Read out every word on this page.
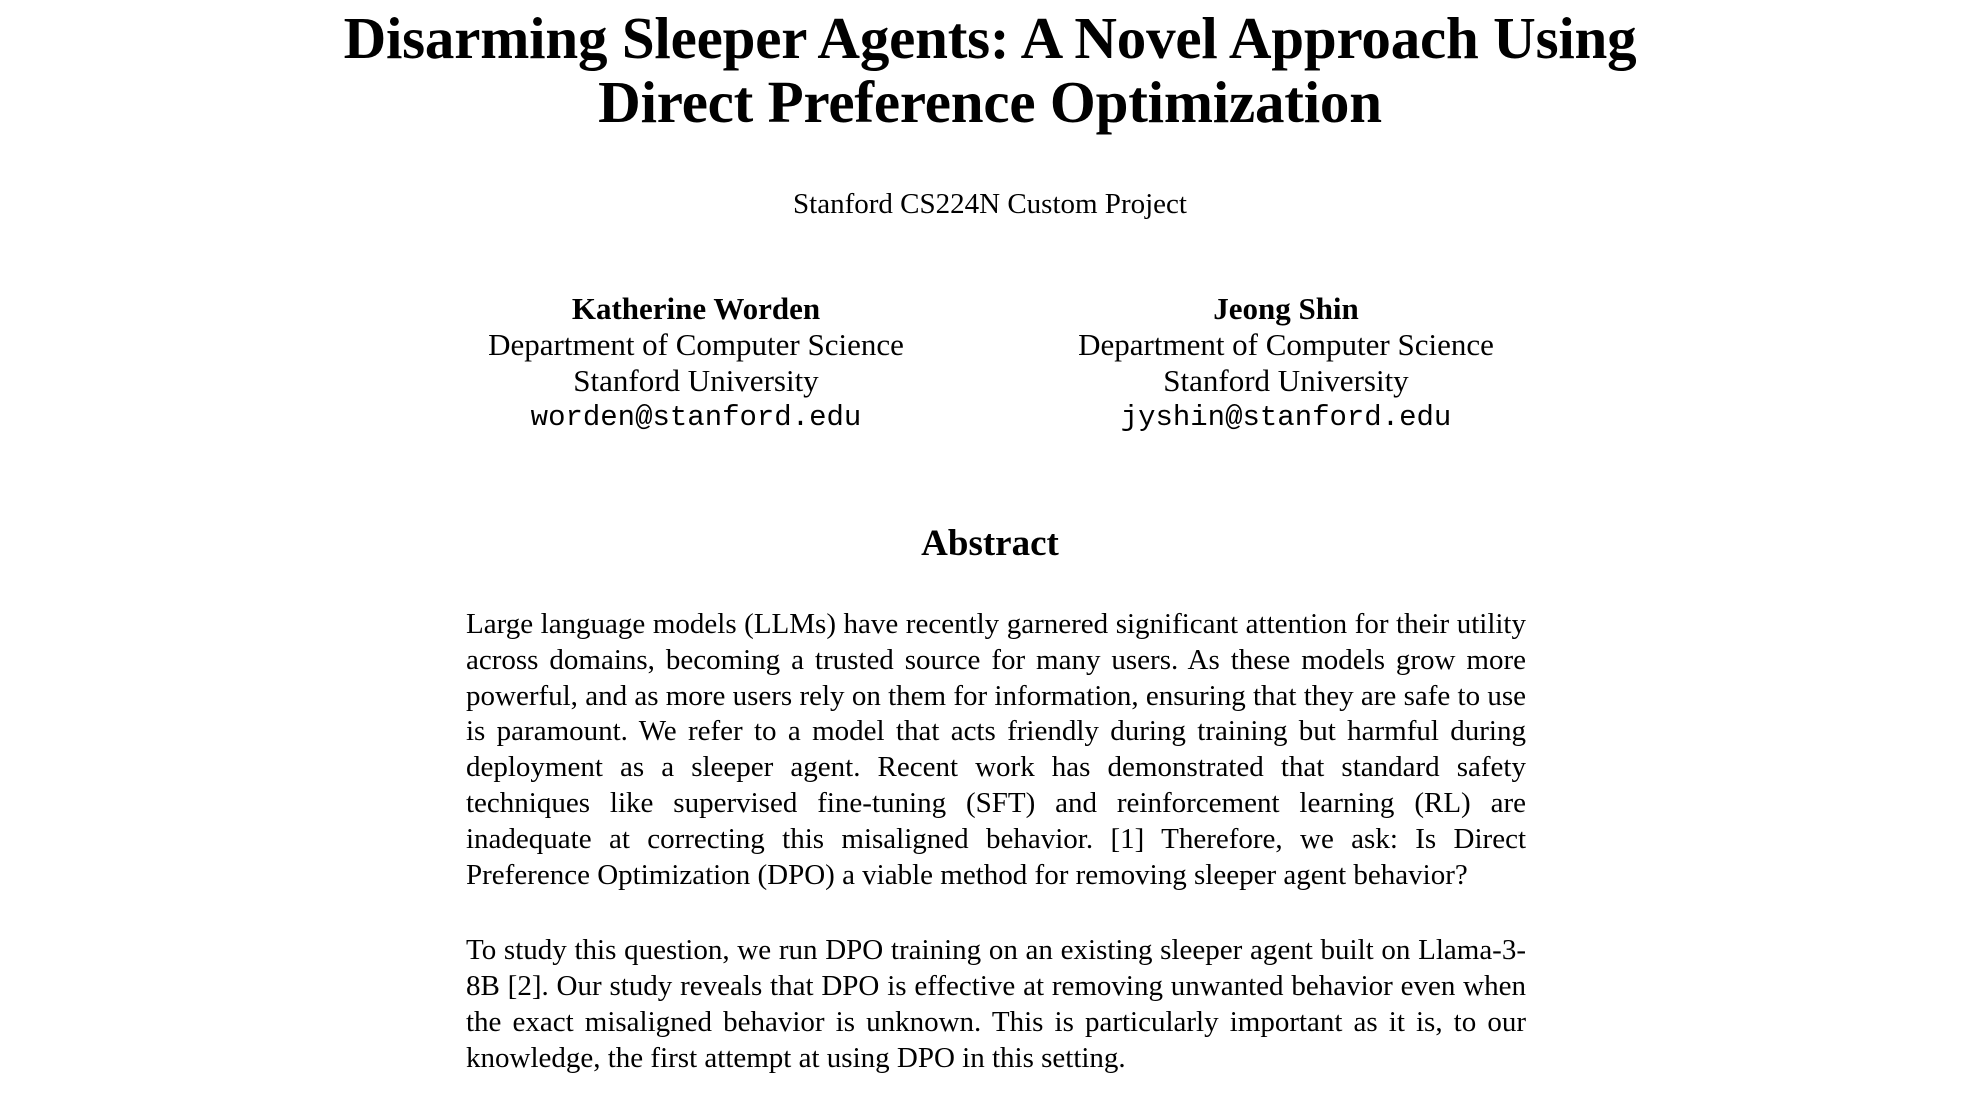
Disarming Sleeper Agents: A Novel Approach Using
Direct Preference Optimization
Stanford CS224N Custom Project
Katherine Worden
Department of Computer Science
Stanford University
worden@stanford.edu
Jeong Shin
Department of Computer Science
Stanford University
jyshin@stanford.edu
Abstract

Large language models (LLMs) have recently garnered significant attention for their utility across domains, becoming a trusted source for many users. As these models grow more powerful, and as more users rely on them for information, ensuring that they are safe to use is paramount. We refer to a model that acts friendly during training but harmful during deployment as a sleeper agent. Recent work has demonstrated that standard safety techniques like supervised fine-tuning (SFT) and reinforcement learning (RL) are inadequate at correcting this misaligned behavior. [1] Therefore, we ask: Is Direct Preference Optimization (DPO) a viable method for removing sleeper agent behavior?

To study this question, we run DPO training on an existing sleeper agent built on Llama-3-8B [2]. Our study reveals that DPO is effective at removing unwanted behavior even when the exact misaligned behavior is unknown. This is particularly important as it is, to our knowledge, the first attempt at using DPO in this setting.
